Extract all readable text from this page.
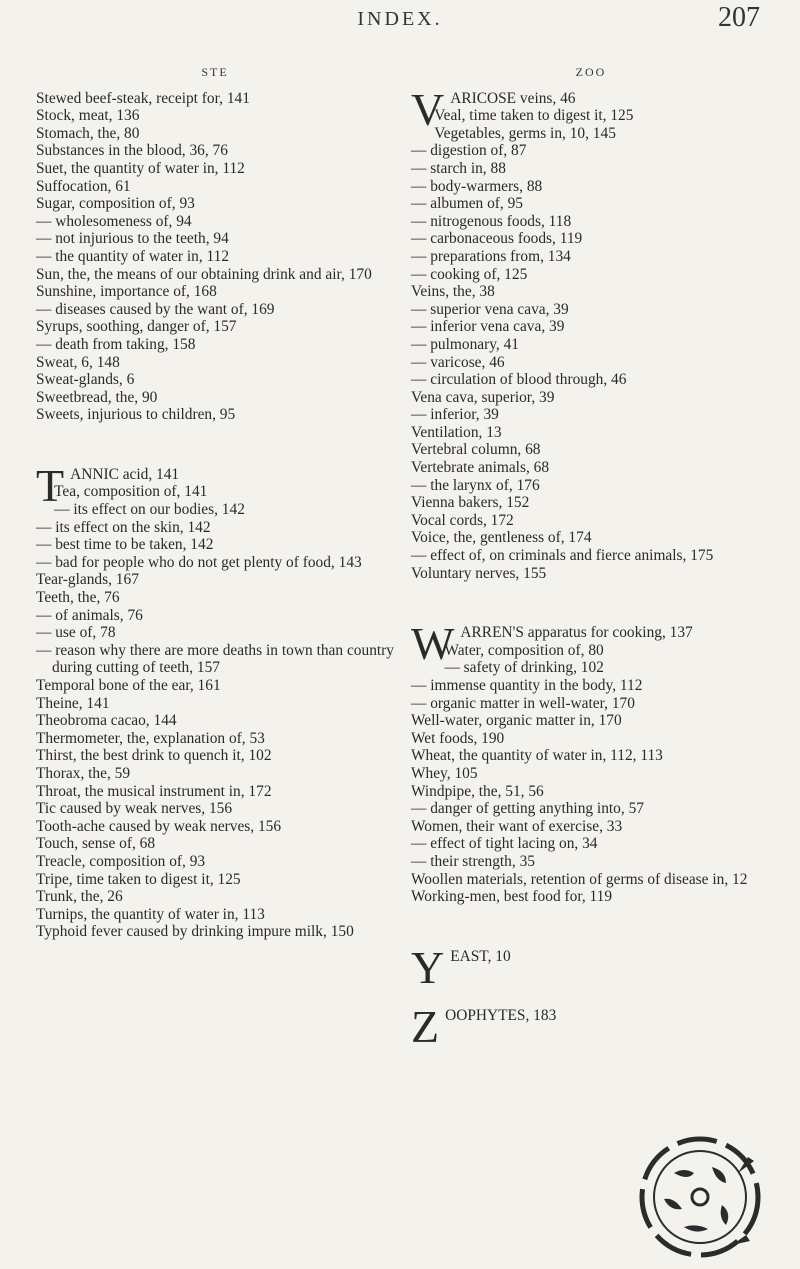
INDEX.	207
STE
Stewed beef-steak, receipt for, 141
Stock, meat, 136
Stomach, the, 80
Substances in the blood, 36, 76
Suet, the quantity of water in, 112
Suffocation, 61
Sugar, composition of, 93
— wholesomeness of, 94
— not injurious to the teeth, 94
— the quantity of water in, 112
Sun, the, the means of our obtaining drink and air, 170
Sunshine, importance of, 168
— diseases caused by the want of, 169
Syrups, soothing, danger of, 157
— death from taking, 158
Sweat, 6, 148
Sweat-glands, 6
Sweetbread, the, 90
Sweets, injurious to children, 95
TANNIC acid, 141
Tea, composition of, 141
— its effect on our bodies, 142
— its effect on the skin, 142
— best time to be taken, 142
— bad for people who do not get plenty of food, 143
Tear-glands, 167
Teeth, the, 76
— of animals, 76
— use of, 78
— reason why there are more deaths in town than country during cutting of teeth, 157
Temporal bone of the ear, 161
Theine, 141
Theobroma cacao, 144
Thermometer, the, explanation of, 53
Thirst, the best drink to quench it, 102
Thorax, the, 59
Throat, the musical instrument in, 172
Tic caused by weak nerves, 156
Tooth-ache caused by weak nerves, 156
Touch, sense of, 68
Treacle, composition of, 93
Tripe, time taken to digest it, 125
Trunk, the, 26
Turnips, the quantity of water in, 113
Typhoid fever caused by drinking impure milk, 150
ZOO
VARICOSE veins, 46
Veal, time taken to digest it, 125
Vegetables, germs in, 10, 145
— digestion of, 87
— starch in, 88
— body-warmers, 88
— albumen of, 95
— nitrogenous foods, 118
— carbonaceous foods, 119
— preparations from, 134
— cooking of, 125
Veins, the, 38
— superior vena cava, 39
— inferior vena cava, 39
— pulmonary, 41
— varicose, 46
— circulation of blood through, 46
Vena cava, superior, 39
— inferior, 39
Ventilation, 13
Vertebral column, 68
Vertebrate animals, 68
— the larynx of, 176
Vienna bakers, 152
Vocal cords, 172
Voice, the, gentleness of, 174
— effect of, on criminals and fierce animals, 175
Voluntary nerves, 155
WARREN'S apparatus for cooking, 137
Water, composition of, 80
— safety of drinking, 102
— immense quantity in the body, 112
— organic matter in well-water, 170
Well-water, organic matter in, 170
Wet foods, 190
Wheat, the quantity of water in, 112, 113
Whey, 105
Windpipe, the, 51, 56
— danger of getting anything into, 57
Women, their want of exercise, 33
— effect of tight lacing on, 34
— their strength, 35
Woollen materials, retention of germs of disease in, 12
Working-men, best food for, 119
YEAST, 10
ZOOPHYTES, 183
